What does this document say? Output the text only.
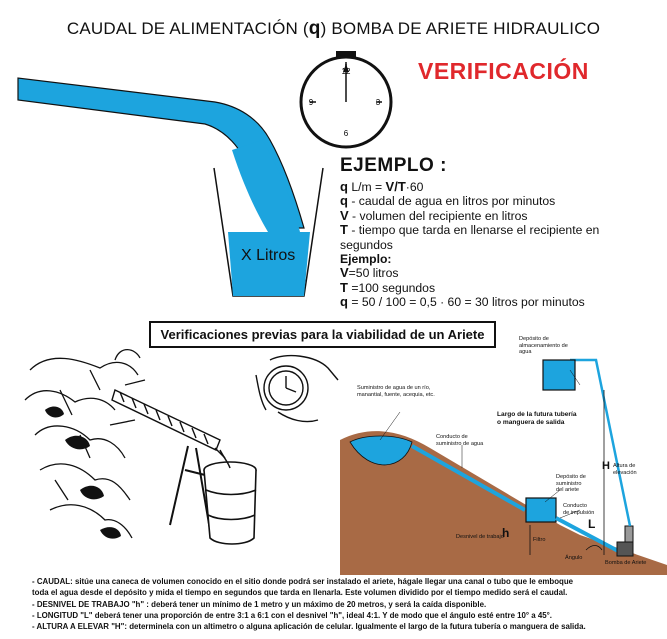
CAUDAL DE ALIMENTACIÓN (q) BOMBA DE ARIETE HIDRAULICO
VERIFICACIÓN
X Litros
12
3
6
9
EJEMPLO :
q L/m = V/T·60
q - caudal de agua en litros por minutos
V - volumen del recipiente en litros
T - tiempo que tarda en llenarse el recipiente en segundos
Ejemplo:
V=50 litros
T =100 segundos
q = 50 / 100 = 0,5 · 60 = 30 litros por minutos
Verificaciones previas para la viabilidad de un Ariete	Depósito de
almacenamiento de
agua
Suministro de agua de un río,
manantial, fuente, acequia, etc.
Conducto de
suministro de agua
Largo de la futura tubería
o manguera de salida
Altura de
elevación
H
Depósito de
suministro
del ariete
Conducto
de impulsión
Desnivel de trabajo
h	Filtro
L
Ángulo
Bomba de Ariete
- CAUDAL: sitúe una caneca de volumen conocido en el sitio donde podrá ser instalado el ariete, hágale llegar una canal o tubo que le emboque
toda el agua desde el depósito y mida el tiempo en segundos que tarda en llenarla. Este volumen dividido por el tiempo medido será el caudal.
- DESNIVEL DE TRABAJO "h" : deberá tener un mínimo de 1 metro y un máximo de 20 metros, y será la caída disponible.
- LONGITUD "L" deberá tener una proporción de entre 3:1 a 6:1 con el desnivel "h", ideal 4:1. Y de modo que el ángulo esté entre 10° a 45°.
- ALTURA A ELEVAR "H": determinela con un altimetro o alguna aplicación de celular. Igualmente el largo de la futura tubería o manguera de salida.
